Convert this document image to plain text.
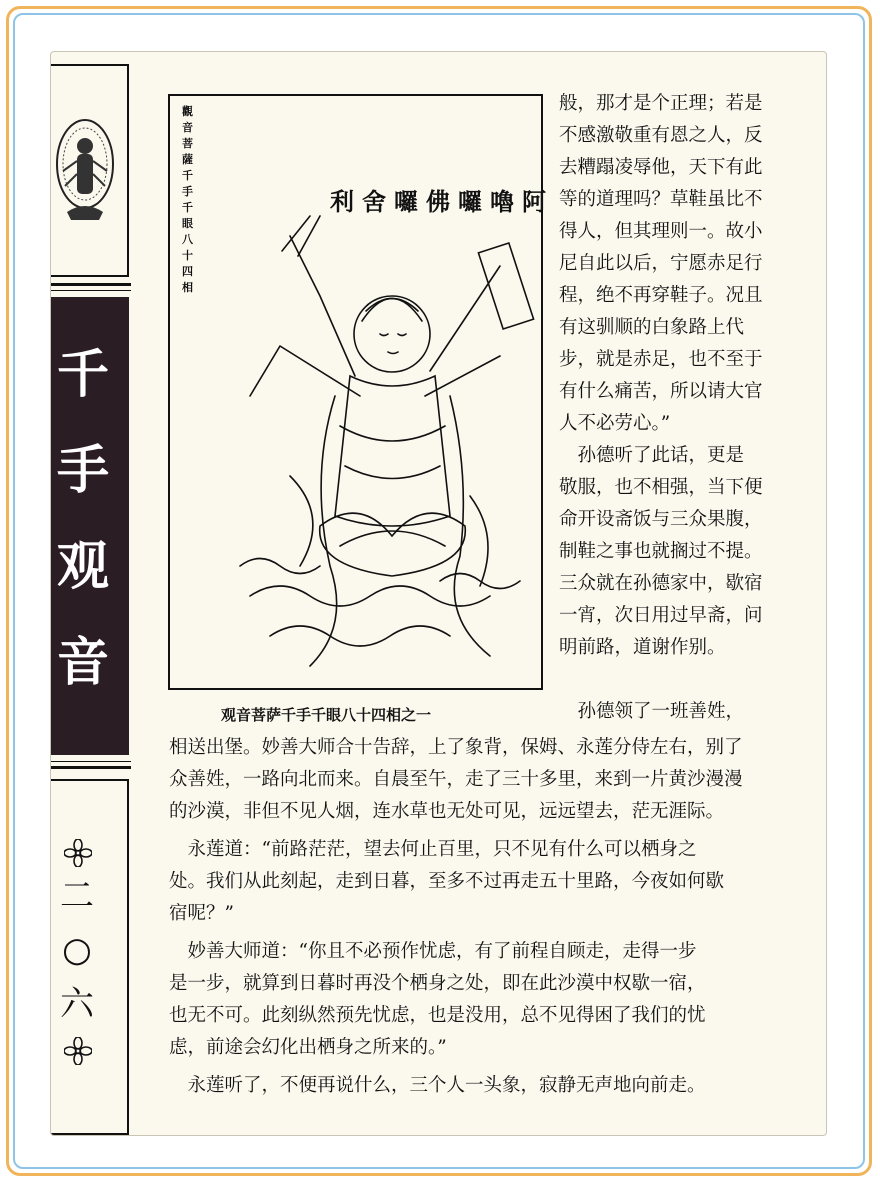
千
手
观
音
二
○
六
觀音菩薩千手千眼八十四相
阿嚕囉佛囉舍利
观音菩萨千手千眼八十四相之一
般，那才是个正理；若是
不感激敬重有恩之人，反
去糟蹋凌辱他，天下有此
等的道理吗？草鞋虽比不
得人，但其理则一。故小
尼自此以后，宁愿赤足行
程，绝不再穿鞋子。况且
有这驯顺的白象路上代
步，就是赤足，也不至于
有什么痛苦，所以请大官
人不必劳心。”
　孙德听了此话，更是
敬服，也不相强，当下便
命开设斋饭与三众果腹，
制鞋之事也就搁过不提。
三众就在孙德家中，歇宿
一宵，次日用过早斋，问
明前路，道谢作别。
　孙德领了一班善姓，
相送出堡。妙善大师合十告辞，上了象背，保姆、永莲分侍左右，别了
众善姓，一路向北而来。自晨至午，走了三十多里，来到一片黄沙漫漫
的沙漠，非但不见人烟，连水草也无处可见，远远望去，茫无涯际。
　永莲道：“前路茫茫，望去何止百里，只不见有什么可以栖身之
处。我们从此刻起，走到日暮，至多不过再走五十里路，今夜如何歇
宿呢？”
　妙善大师道：“你且不必预作忧虑，有了前程自顾走，走得一步
是一步，就算到日暮时再没个栖身之处，即在此沙漠中权歇一宿，
也无不可。此刻纵然预先忧虑，也是没用，总不见得困了我们的忧
虑，前途会幻化出栖身之所来的。”
　永莲听了，不便再说什么，三个人一头象，寂静无声地向前走。
